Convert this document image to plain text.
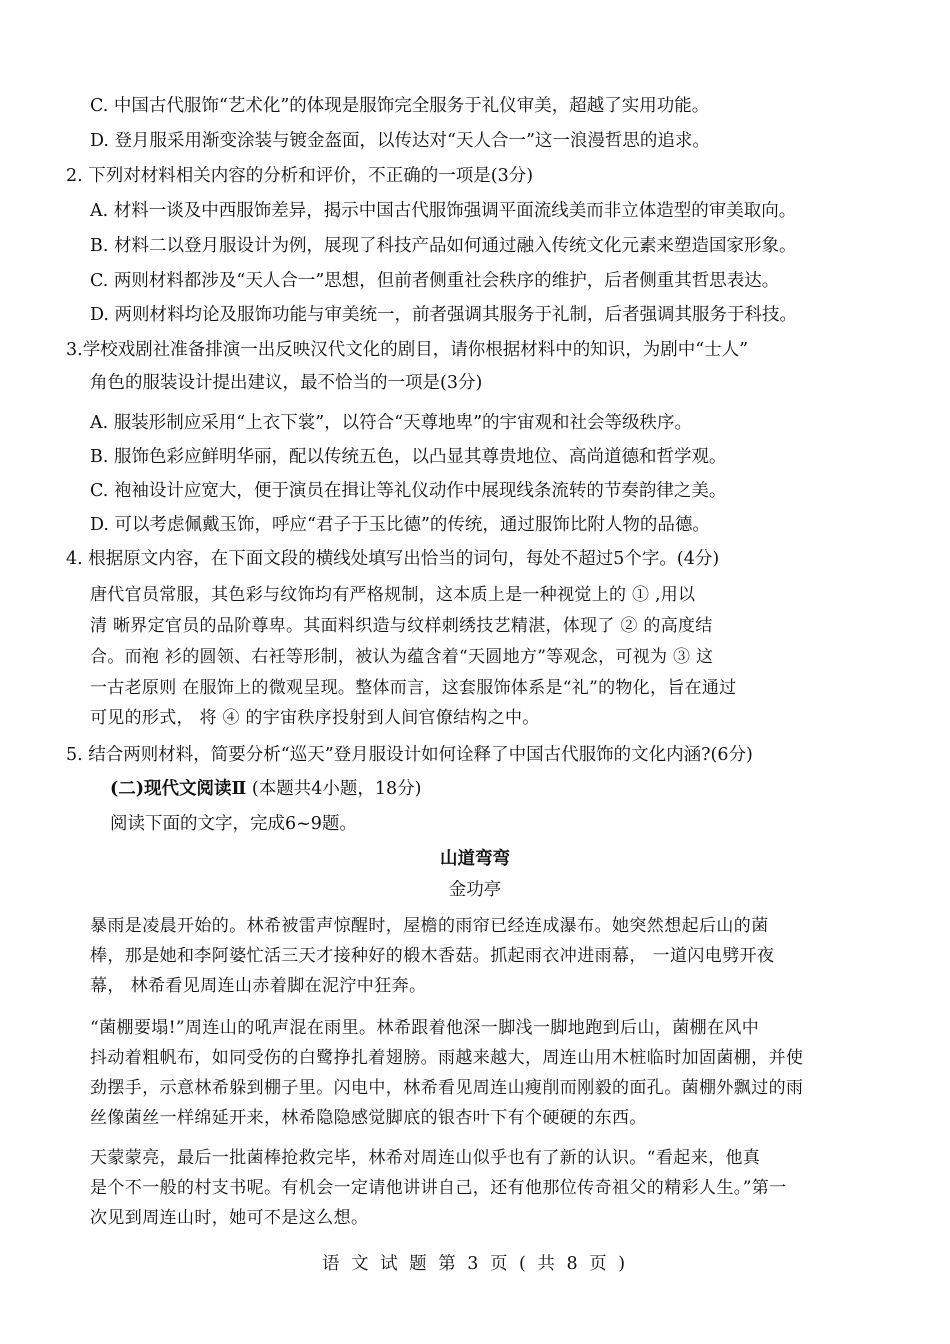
C. 中国古代服饰“艺术化”的体现是服饰完全服务于礼仪审美，超越了实用功能。
D. 登月服采用渐变涂装与镀金盔面，以传达对“天人合一”这一浪漫哲思的追求。
2. 下列对材料相关内容的分析和评价，不正确的一项是(3分)
A. 材料一谈及中西服饰差异，揭示中国古代服饰强调平面流线美而非立体造型的审美取向。
B. 材料二以登月服设计为例，展现了科技产品如何通过融入传统文化元素来塑造国家形象。
C. 两则材料都涉及“天人合一”思想，但前者侧重社会秩序的维护，后者侧重其哲思表达。
D. 两则材料均论及服饰功能与审美统一，前者强调其服务于礼制，后者强调其服务于科技。
3.学校戏剧社准备排演一出反映汉代文化的剧目，请你根据材料中的知识，为剧中“士人”
角色的服装设计提出建议，最不恰当的一项是(3分)
A. 服装形制应采用“上衣下裳”，以符合“天尊地卑”的宇宙观和社会等级秩序。
B. 服饰色彩应鲜明华丽，配以传统五色，以凸显其尊贵地位、高尚道德和哲学观。
C. 袍袖设计应宽大，便于演员在揖让等礼仪动作中展现线条流转的节奏韵律之美。
D. 可以考虑佩戴玉饰，呼应“君子于玉比德”的传统，通过服饰比附人物的品德。
4. 根据原文内容，在下面文段的横线处填写出恰当的词句，每处不超过5个字。(4分)
唐代官员常服，其色彩与纹饰均有严格规制，这本质上是一种视觉上的 ① ,用以
清 晰界定官员的品阶尊卑。其面料织造与纹样刺绣技艺精湛，体现了 ② 的高度结
合。而袍 衫的圆领、右衽等形制，被认为蕴含着“天圆地方”等观念，可视为 ③ 这
一古老原则 在服饰上的微观呈现。整体而言，这套服饰体系是“礼”的物化，旨在通过
可见的形式， 将 ④ 的宇宙秩序投射到人间官僚结构之中。
5. 结合两则材料，简要分析“巡天”登月服设计如何诠释了中国古代服饰的文化内涵?(6分)
(二)现代文阅读Ⅱ (本题共4小题，18分)
阅读下面的文字，完成6~9题。
山道弯弯
金功亭
暴雨是凌晨开始的。林希被雷声惊醒时，屋檐的雨帘已经连成瀑布。她突然想起后山的菌
棒，那是她和李阿婆忙活三天才接种好的椴木香菇。抓起雨衣冲进雨幕， 一道闪电劈开夜
幕， 林希看见周连山赤着脚在泥泞中狂奔。
“菌棚要塌!”周连山的吼声混在雨里。林希跟着他深一脚浅一脚地跑到后山，菌棚在风中
抖动着粗帆布，如同受伤的白鹭挣扎着翅膀。雨越来越大，周连山用木桩临时加固菌棚，并使
劲摆手，示意林希躲到棚子里。闪电中，林希看见周连山瘦削而刚毅的面孔。菌棚外飘过的雨
丝像菌丝一样绵延开来，林希隐隐感觉脚底的银杏叶下有个硬硬的东西。
天蒙蒙亮，最后一批菌棒抢救完毕，林希对周连山似乎也有了新的认识。“看起来，他真
是个不一般的村支书呢。有机会一定请他讲讲自己，还有他那位传奇祖父的精彩人生。”第一
次见到周连山时，她可不是这么想。
语 文 试 题 第 3 页 ( 共 8 页 )
